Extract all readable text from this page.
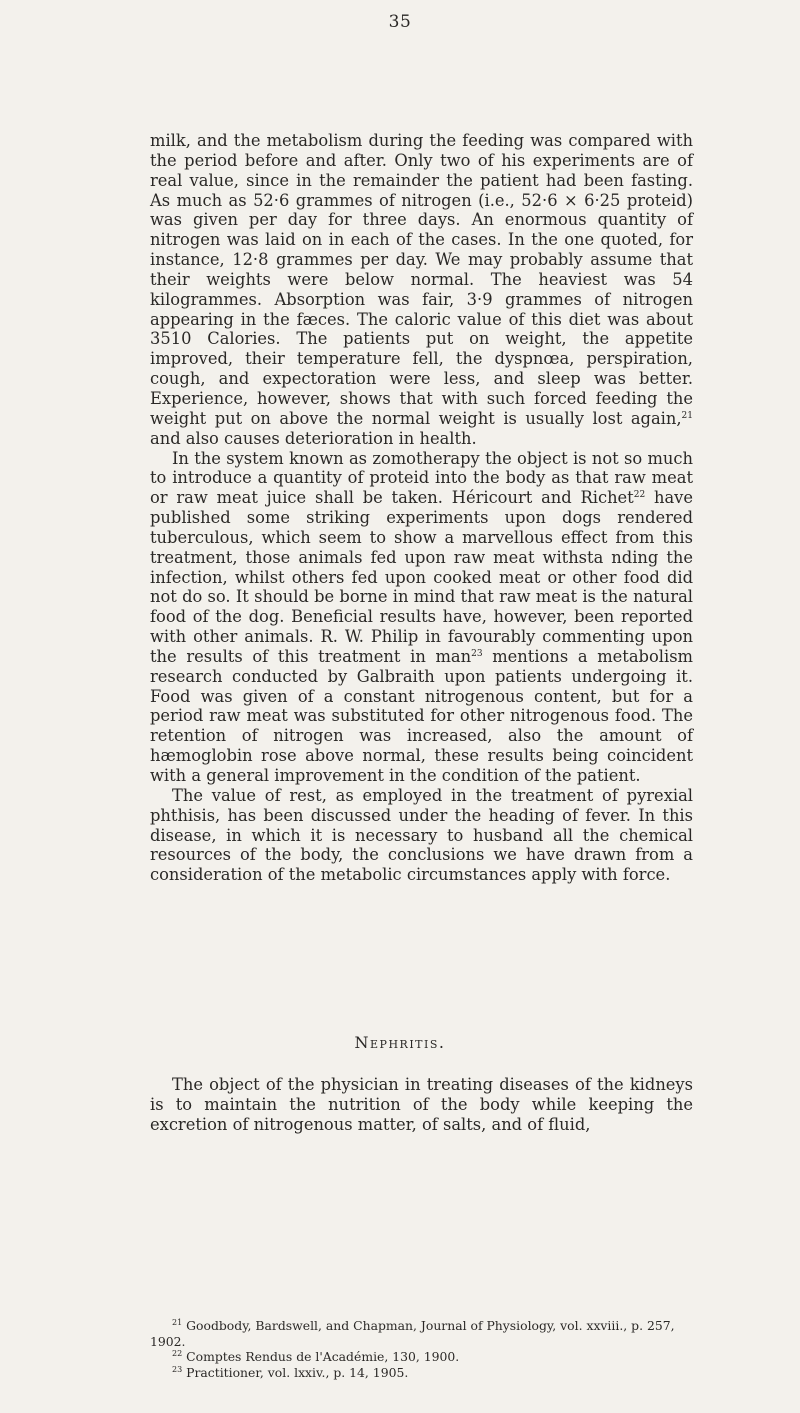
35

milk, and the metabolism during the feeding was compared with the period before and after. Only two of his experiments are of real value, since in the remainder the patient had been fasting. As much as 52·6 grammes of nitrogen (i.e., 52·6 × 6·25 proteid) was given per day for three days. An enormous quantity of nitrogen was laid on in each of the cases. In the one quoted, for instance, 12·8 grammes per day. We may probably assume that their weights were below normal. The heaviest was 54 kilogrammes. Absorption was fair, 3·9 grammes of nitrogen appearing in the fæces. The caloric value of this diet was about 3510 Calories. The patients put on weight, the appetite improved, their temperature fell, the dyspnœa, perspiration, cough, and expectoration were less, and sleep was better. Experience, however, shows that with such forced feeding the weight put on above the normal weight is usually lost again,$^{21}$ and also causes deterioration in health.

In the system known as zomotherapy the object is not so much to introduce a quantity of proteid into the body as that raw meat or raw meat juice shall be taken. Héricourt and Richet$^{22}$ have published some striking experiments upon dogs rendered tuberculous, which seem to show a marvellous effect from this treatment, those animals fed upon raw meat withsta nding the infection, whilst others fed upon cooked meat or other food did not do so. It should be borne in mind that raw meat is the natural food of the dog. Beneficial results have, however, been reported with other animals. R. W. Philip in favourably commenting upon the results of this treatment in man$^{23}$ mentions a metabolism research conducted by Galbraith upon patients undergoing it. Food was given of a constant nitrogenous content, but for a period raw meat was substituted for other nitrogenous food. The retention of nitrogen was increased, also the amount of hæmoglobin rose above normal, these results being coincident with a general improvement in the condition of the patient.

The value of rest, as employed in the treatment of pyrexial phthisis, has been discussed under the heading of fever. In this disease, in which it is necessary to husband all the chemical resources of the body, the conclusions we have drawn from a consideration of the metabolic circumstances apply with force.

Nephritis.

The object of the physician in treating diseases of the kidneys is to maintain the nutrition of the body while keeping the excretion of nitrogenous matter, of salts, and of fluid,

$^{21}$ Goodbody, Bardswell, and Chapman, Journal of Physiology, vol. xxviii., p. 257, 1902.

$^{22}$ Comptes Rendus de l'Académie, 130, 1900.

$^{23}$ Practitioner, vol. lxxiv., p. 14, 1905.
